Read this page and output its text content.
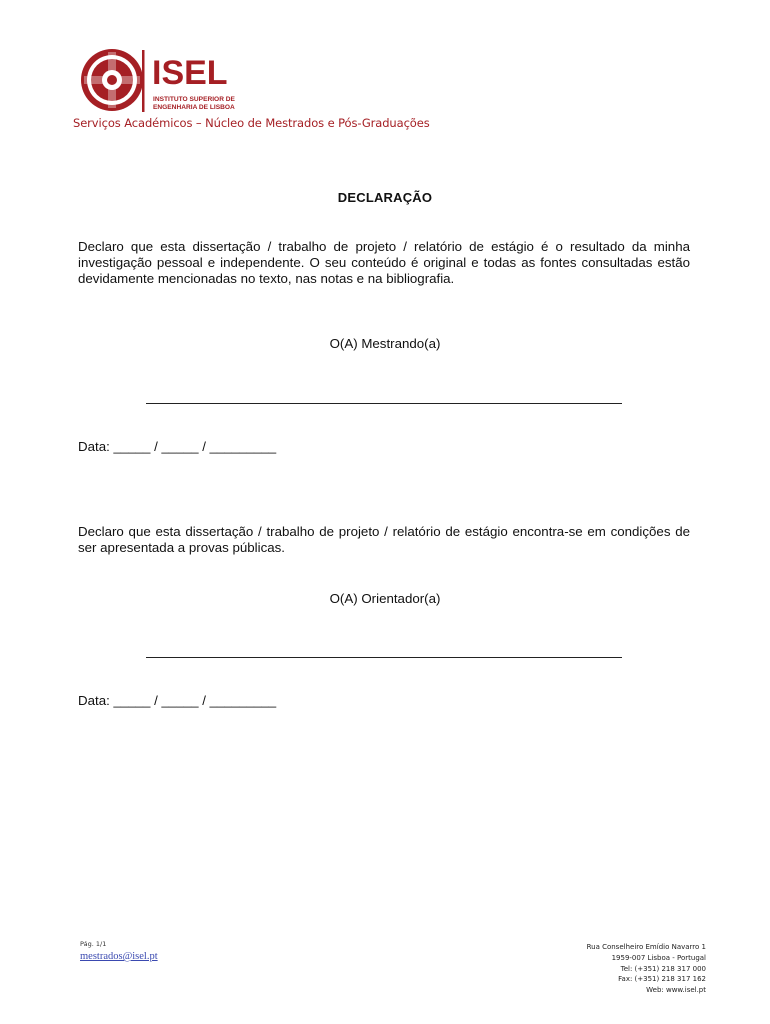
ISEL
INSTITUTO SUPERIOR DE
ENGENHARIA DE LISBOA
Serviços Académicos – Núcleo de Mestrados e Pós-Graduações
DECLARAÇÃO
Declaro que esta dissertação / trabalho de projeto / relatório de estágio é o resultado da minha investigação pessoal e independente. O seu conteúdo é original e todas as fontes consultadas estão devidamente mencionadas no texto, nas notas e na bibliografia.
O(A) Mestrando(a)
Data: _____ / _____ / _________
Declaro que esta dissertação / trabalho de projeto / relatório de estágio encontra-se em condições de ser apresentada a provas públicas.
O(A) Orientador(a)
Data: _____ / _____ / _________
Pág. 1/1
mestrados@isel.pt
Rua Conselheiro Emídio Navarro 1
1959-007 Lisboa - Portugal
Tel: (+351) 218 317 000
Fax: (+351) 218 317 162
Web: www.isel.pt
